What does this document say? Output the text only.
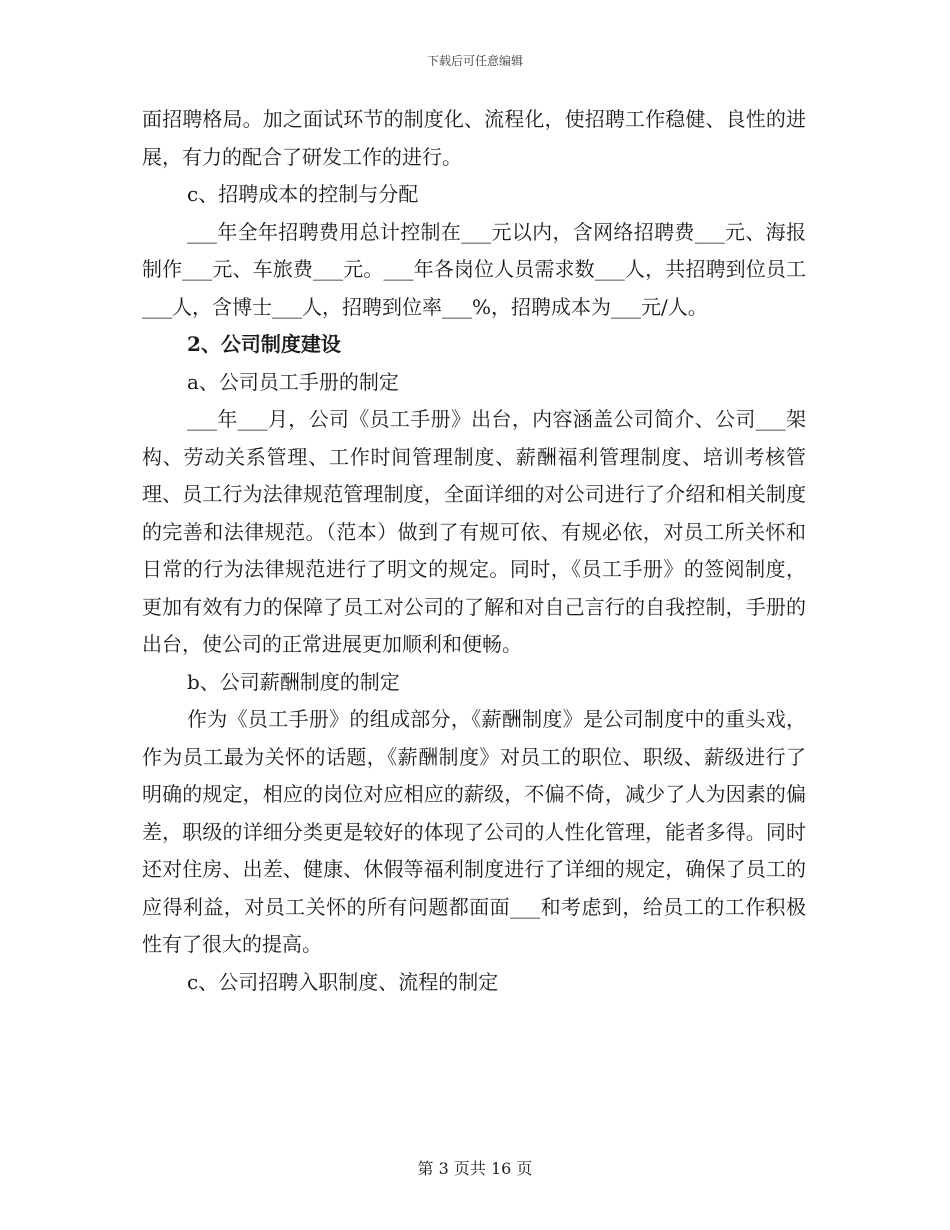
下载后可任意编辑

面招聘格局。加之面试环节的制度化、流程化，使招聘工作稳健、良性的进展，有力的配合了研发工作的进行。

c、招聘成本的控制与分配

___年全年招聘费用总计控制在___元以内，含网络招聘费___元、海报制作___元、车旅费___元。___年各岗位人员需求数___人，共招聘到位员工___人，含博士___人，招聘到位率___%，招聘成本为___元/人。

2、公司制度建设

a、公司员工手册的制定

___年___月，公司《员工手册》出台，内容涵盖公司简介、公司___架构、劳动关系管理、工作时间管理制度、薪酬福利管理制度、培训考核管理、员工行为法律规范管理制度，全面详细的对公司进行了介绍和相关制度的完善和法律规范。（范本）做到了有规可依、有规必依，对员工所关怀和日常的行为法律规范进行了明文的规定。同时，《员工手册》的签阅制度，更加有效有力的保障了员工对公司的了解和对自己言行的自我控制，手册的出台，使公司的正常进展更加顺利和便畅。

b、公司薪酬制度的制定

作为《员工手册》的组成部分，《薪酬制度》是公司制度中的重头戏，作为员工最为关怀的话题，《薪酬制度》对员工的职位、职级、薪级进行了明确的规定，相应的岗位对应相应的薪级，不偏不倚，减少了人为因素的偏差，职级的详细分类更是较好的体现了公司的人性化管理，能者多得。同时还对住房、出差、健康、休假等福利制度进行了详细的规定，确保了员工的应得利益，对员工关怀的所有问题都面面___和考虑到，给员工的工作积极性有了很大的提高。

c、公司招聘入职制度、流程的制定

第 3 页共 16 页
